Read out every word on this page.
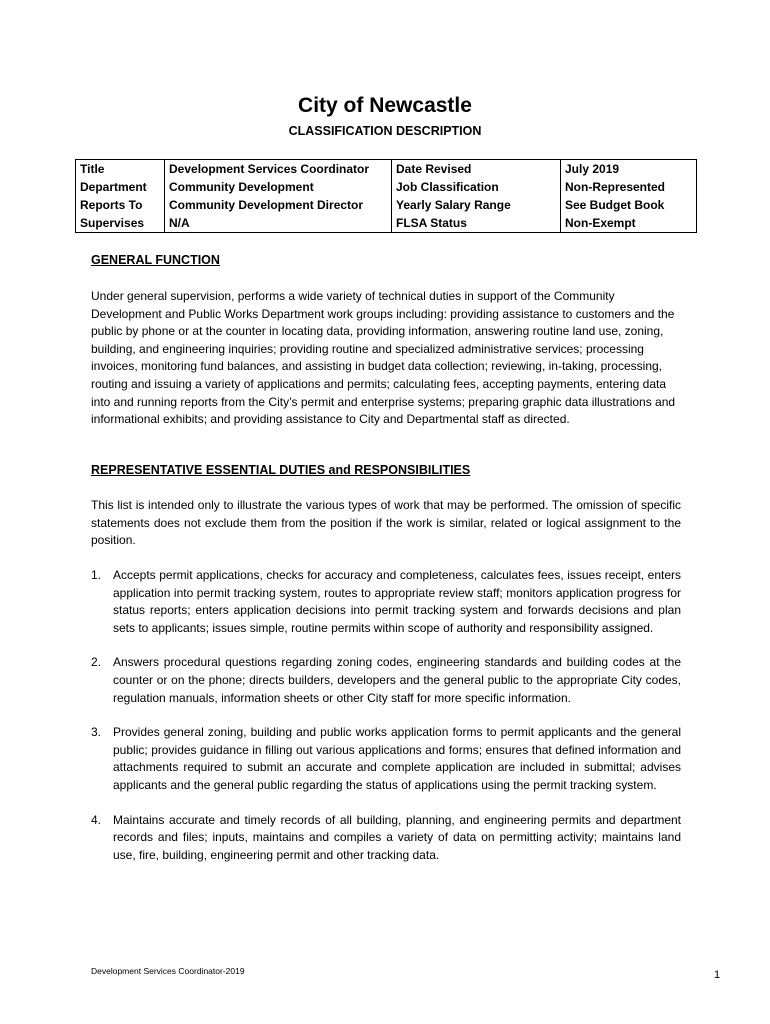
City of Newcastle
CLASSIFICATION DESCRIPTION
Title	Development Services Coordinator	Date Revised	July 2019
Department	Community Development	Job Classification	Non-Represented
Reports To	Community Development Director	Yearly Salary Range	See Budget Book
Supervises	N/A	FLSA Status	Non-Exempt
GENERAL FUNCTION
Under general supervision, performs a wide variety of technical duties in support of the Community Development and Public Works Department work groups including: providing assistance to customers and the public by phone or at the counter in locating data, providing information, answering routine land use, zoning, building, and engineering inquiries; providing routine and specialized administrative services; processing invoices, monitoring fund balances, and assisting in budget data collection; reviewing, in-taking, processing, routing and issuing a variety of applications and permits; calculating fees, accepting payments, entering data into and running reports from the City’s permit and enterprise systems; preparing graphic data illustrations and informational exhibits; and providing assistance to City and Departmental staff as directed.
REPRESENTATIVE ESSENTIAL DUTIES and RESPONSIBILITIES
This list is intended only to illustrate the various types of work that may be performed. The omission of specific statements does not exclude them from the position if the work is similar, related or logical assignment to the position.
1. Accepts permit applications, checks for accuracy and completeness, calculates fees, issues receipt, enters application into permit tracking system, routes to appropriate review staff; monitors application progress for status reports; enters application decisions into permit tracking system and forwards decisions and plan sets to applicants; issues simple, routine permits within scope of authority and responsibility assigned.
2. Answers procedural questions regarding zoning codes, engineering standards and building codes at the counter or on the phone; directs builders, developers and the general public to the appropriate City codes, regulation manuals, information sheets or other City staff for more specific information.
3. Provides general zoning, building and public works application forms to permit applicants and the general public; provides guidance in filling out various applications and forms; ensures that defined information and attachments required to submit an accurate and complete application are included in submittal; advises applicants and the general public regarding the status of applications using the permit tracking system.
4. Maintains accurate and timely records of all building, planning, and engineering permits and department records and files; inputs, maintains and compiles a variety of data on permitting activity; maintains land use, fire, building, engineering permit and other tracking data.
Development Services Coordinator-2019	1
